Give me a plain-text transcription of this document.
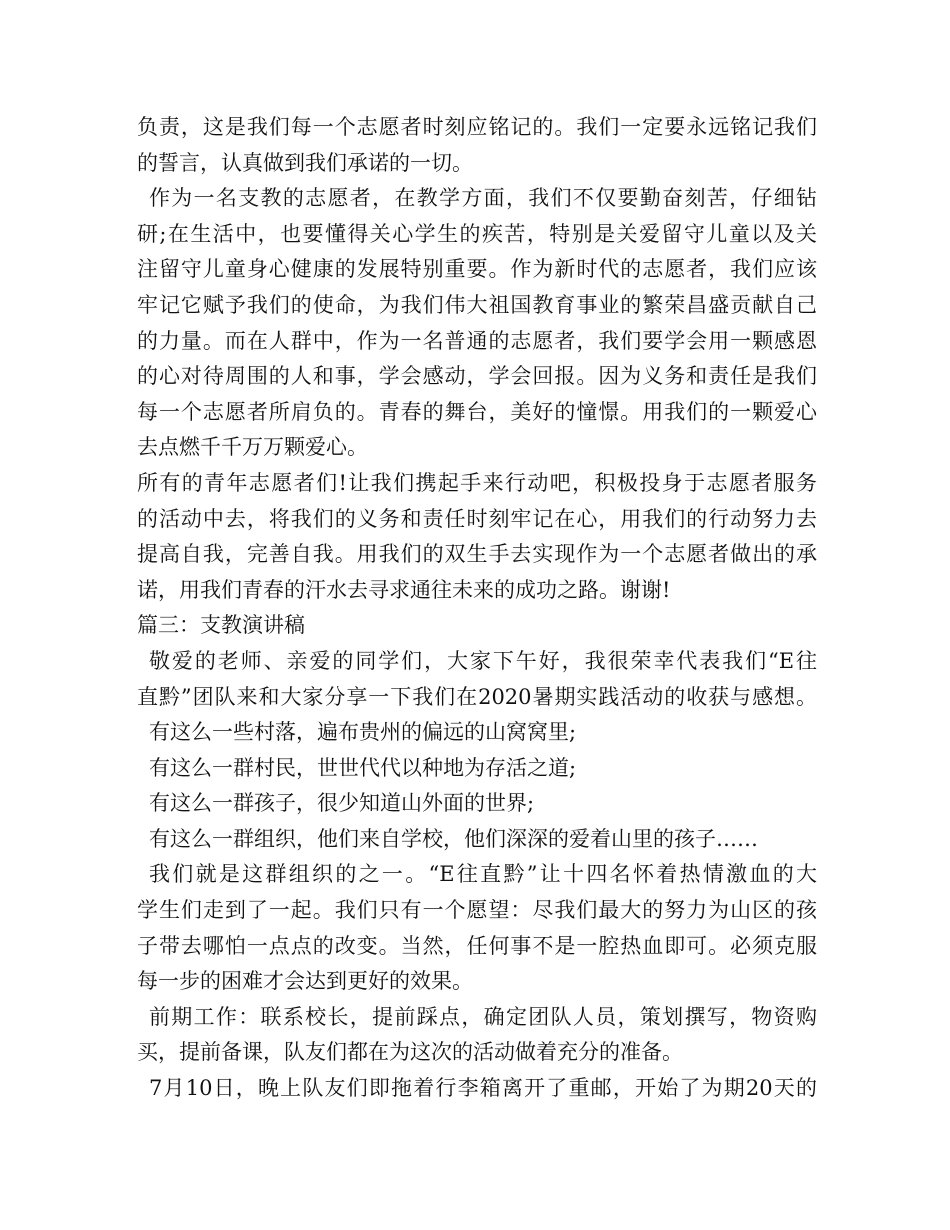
负责，这是我们每一个志愿者时刻应铭记的。我们一定要永远铭记我们
的誓言，认真做到我们承诺的一切。
作为一名支教的志愿者，在教学方面，我们不仅要勤奋刻苦，仔细钻
研;在生活中，也要懂得关心学生的疾苦，特别是关爱留守儿童以及关
注留守儿童身心健康的发展特别重要。作为新时代的志愿者，我们应该
牢记它赋予我们的使命，为我们伟大祖国教育事业的繁荣昌盛贡献自己
的力量。而在人群中，作为一名普通的志愿者，我们要学会用一颗感恩
的心对待周围的人和事，学会感动，学会回报。因为义务和责任是我们
每一个志愿者所肩负的。青春的舞台，美好的憧憬。用我们的一颗爱心
去点燃千千万万颗爱心。
所有的青年志愿者们!让我们携起手来行动吧，积极投身于志愿者服务
的活动中去，将我们的义务和责任时刻牢记在心，用我们的行动努力去
提高自我，完善自我。用我们的双生手去实现作为一个志愿者做出的承
诺，用我们青春的汗水去寻求通往未来的成功之路。谢谢!
篇三：支教演讲稿
敬爱的老师、亲爱的同学们，大家下午好，我很荣幸代表我们“E往
直黔”团队来和大家分享一下我们在2020暑期实践活动的收获与感想。
有这么一些村落，遍布贵州的偏远的山窝窝里;
有这么一群村民，世世代代以种地为存活之道;
有这么一群孩子，很少知道山外面的世界;
有这么一群组织，他们来自学校，他们深深的爱着山里的孩子……
我们就是这群组织的之一。“E往直黔”让十四名怀着热情激血的大
学生们走到了一起。我们只有一个愿望：尽我们最大的努力为山区的孩
子带去哪怕一点点的改变。当然，任何事不是一腔热血即可。必须克服
每一步的困难才会达到更好的效果。
前期工作：联系校长，提前踩点，确定团队人员，策划撰写，物资购
买，提前备课，队友们都在为这次的活动做着充分的准备。
7月10日，晚上队友们即拖着行李箱离开了重邮，开始了为期20天的
